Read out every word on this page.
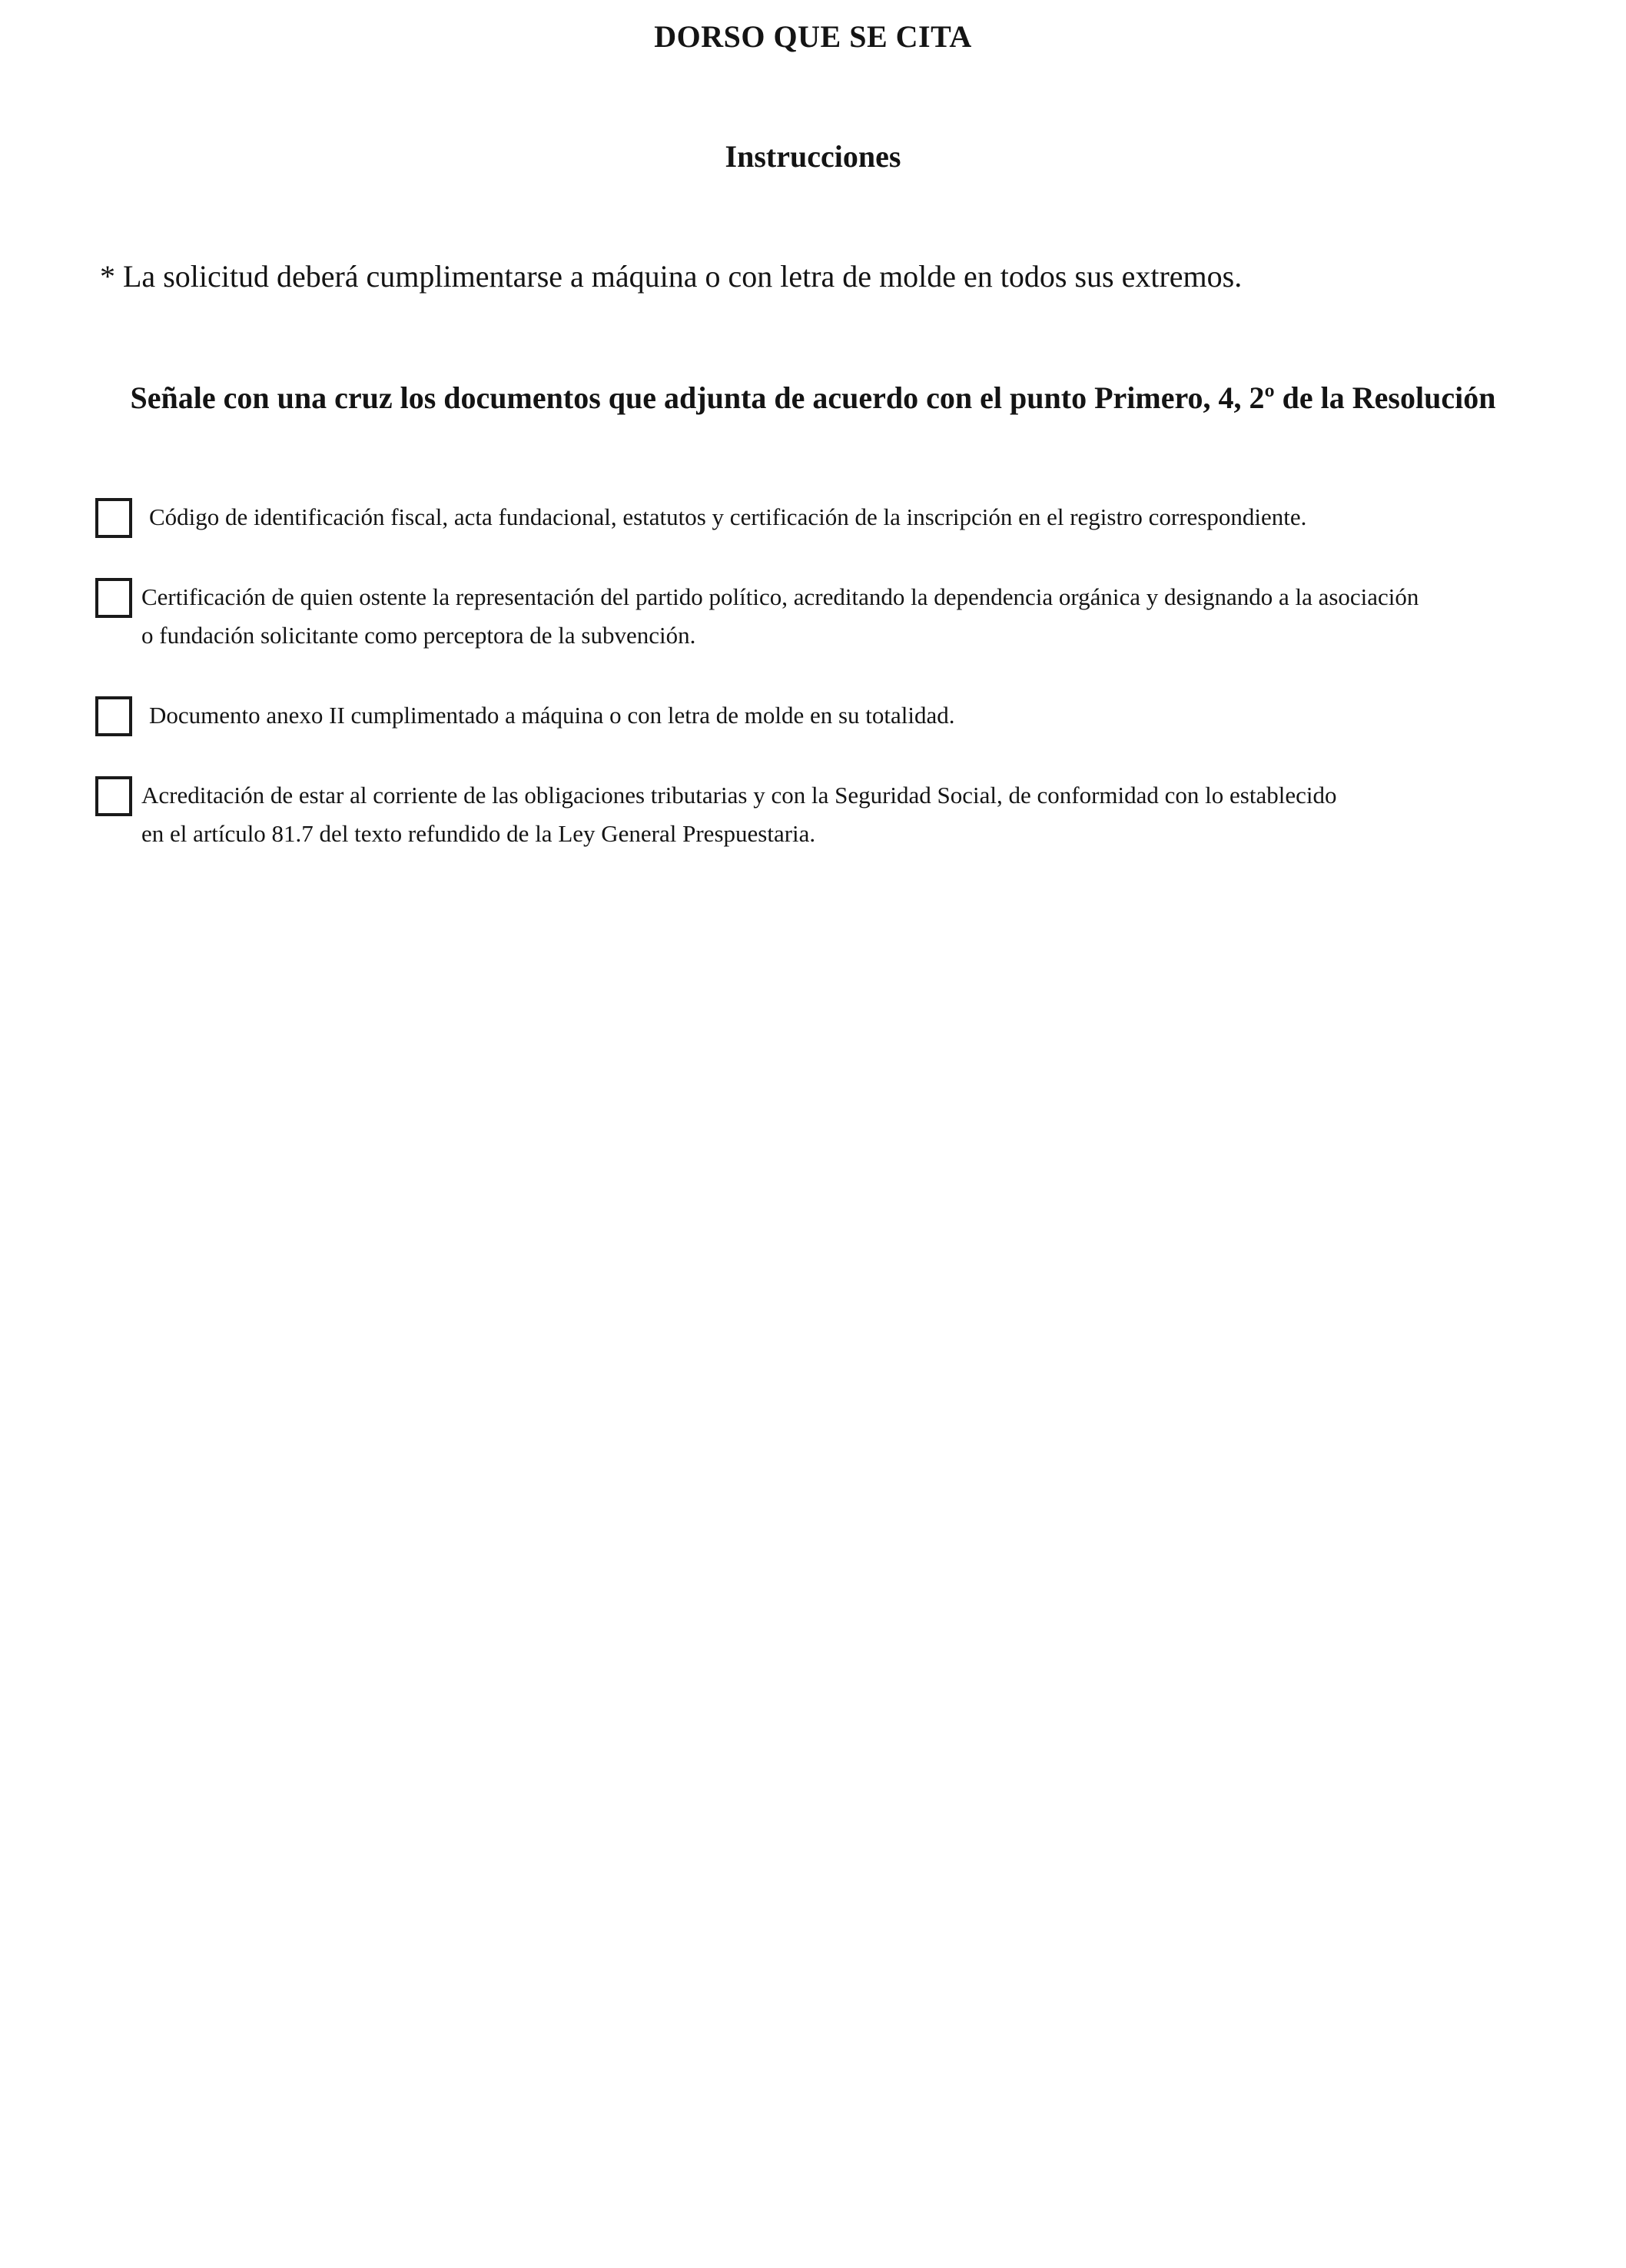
DORSO QUE SE CITA
Instrucciones

* La solicitud deberá cumplimentarse a máquina o con letra de molde en todos sus extremos.

Señale con una cruz los documentos que adjunta de acuerdo con el punto Primero, 4, 2º de la Resolución

Código de identificación fiscal, acta fundacional, estatutos y certificación de la inscripción en el registro correspondiente.
Certificación de quien ostente la representación del partido político, acreditando la dependencia orgánica y designando a la asociación
o fundación solicitante como perceptora de la subvención.
Documento anexo II cumplimentado a máquina o con letra de molde en su totalidad.
Acreditación de estar al corriente de las obligaciones tributarias y con la Seguridad Social, de conformidad con lo establecido
en el artículo 81.7 del texto refundido de la Ley General Prespuestaria.
